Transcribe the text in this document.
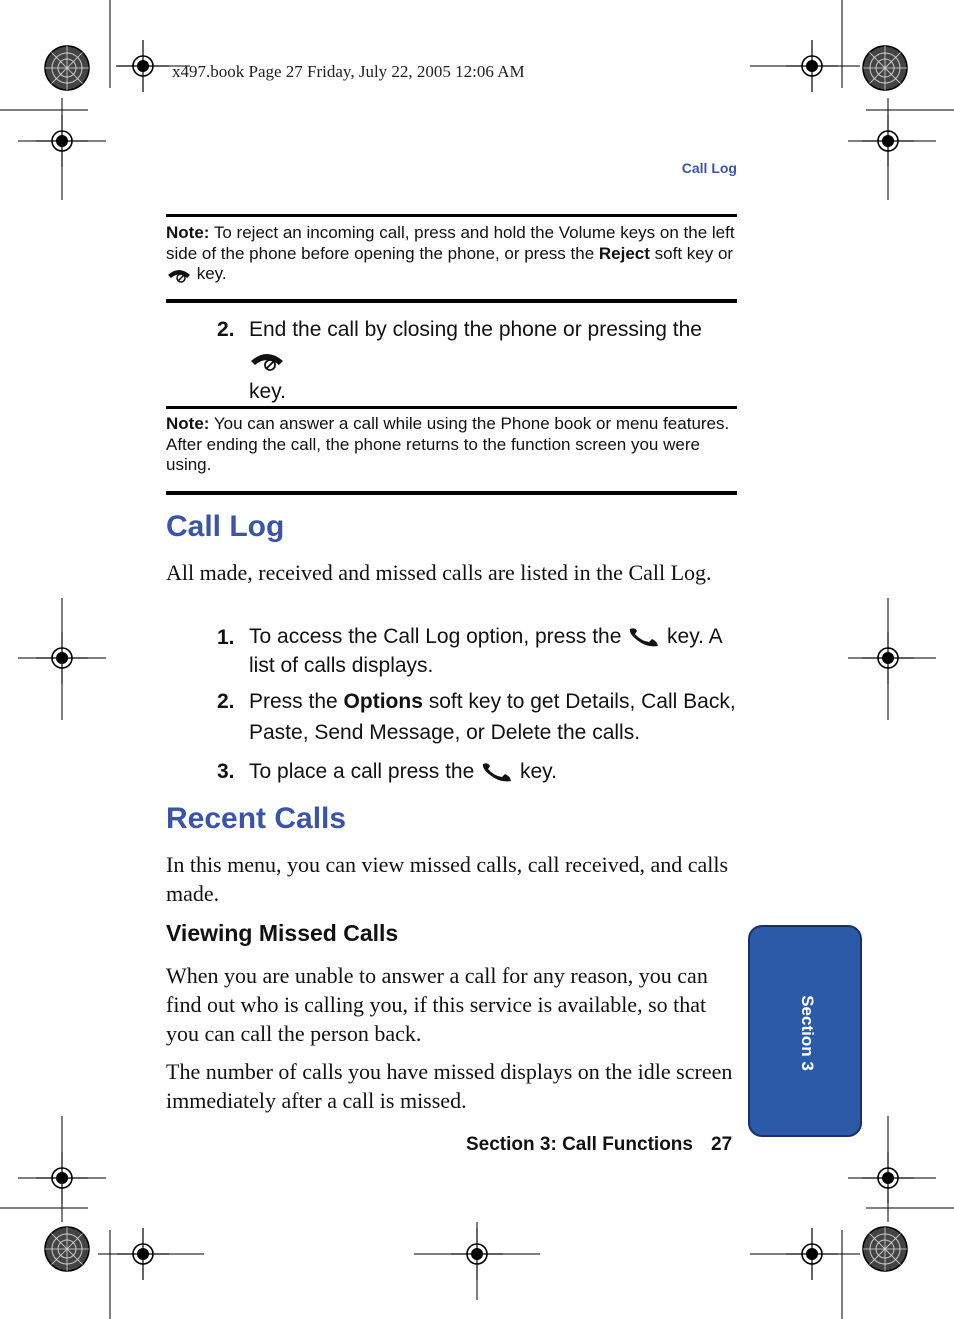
x497.book Page 27 Friday, July 22, 2005 12:06 AM
Call Log
Note: To reject an incoming call, press and hold the Volume keys on the left side of the phone before opening the phone, or press the Reject soft key or
key.
2. End the call by closing the phone or pressing the
key.
Note: You can answer a call while using the Phone book or menu features. After ending the call, the phone returns to the function screen you were using.
Call Log
All made, received and missed calls are listed in the Call Log.
1. To access the Call Log option, press the  key. A list of calls displays.
2. Press the Options soft key to get Details, Call Back, Paste, Send Message, or Delete the calls.
3. To place a call press the  key.
Recent Calls
In this menu, you can view missed calls, call received, and calls made.
Viewing Missed Calls
When you are unable to answer a call for any reason, you can find out who is calling you, if this service is available, so that you can call the person back.
The number of calls you have missed displays on the idle screen immediately after a call is missed.
Section 3
Section 3: Call Functions 27
